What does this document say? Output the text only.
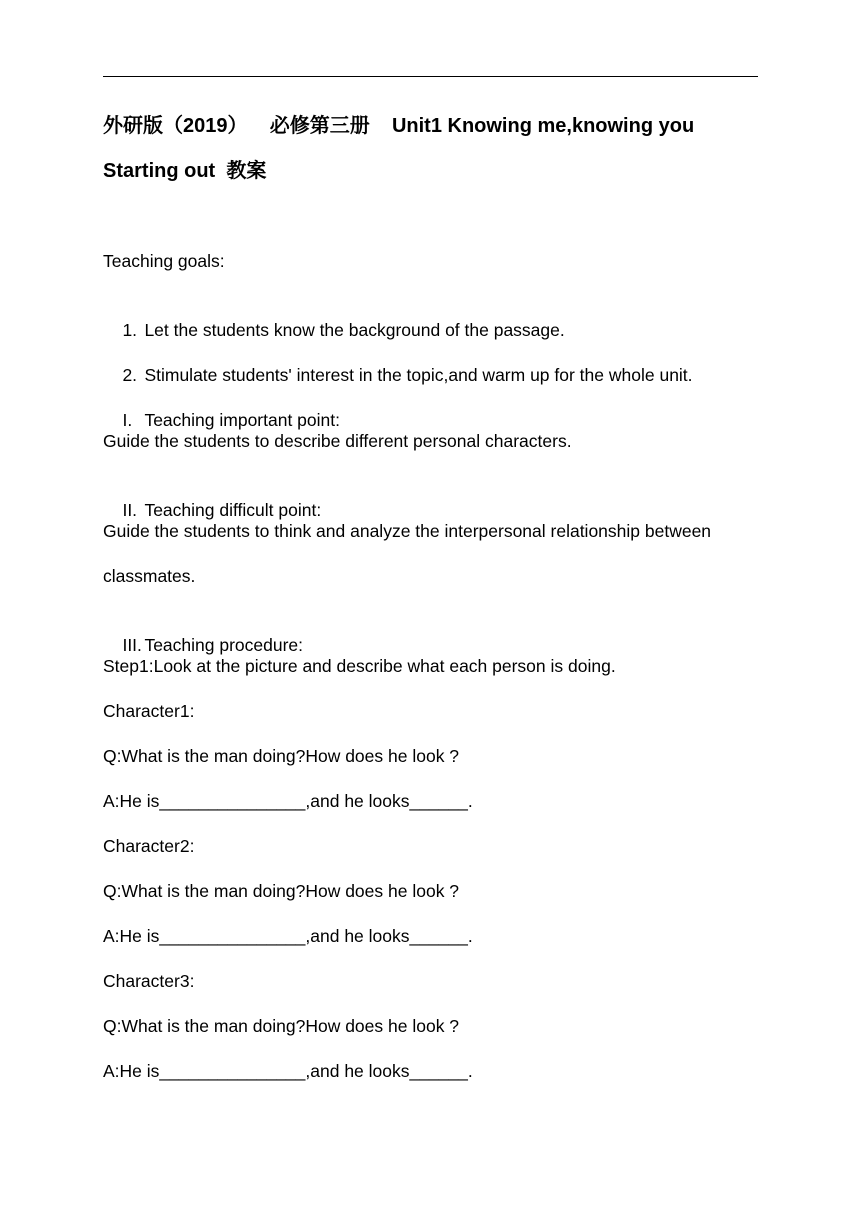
外研版（2019）    必修第三册    Unit1 Knowing me,knowing you
Starting out  教案
Teaching goals:

1. Let the students know the background of the passage.

2. Stimulate students' interest in the topic,and warm up for the whole unit.

I. Teaching important point:

Guide the students to describe different personal characters.

II. Teaching difficult point:

Guide the students to think and analyze the interpersonal relationship between
classmates.

III. Teaching procedure:

Step1:Look at the picture and describe what each person is doing.
Character1:
Q:What is the man doing?How does he look ?
A:He is_______________,and he looks______.
Character2:
Q:What is the man doing?How does he look ?
A:He is_______________,and he looks______.
Character3:
Q:What is the man doing?How does he look ?
A:He is_______________,and he looks______.
